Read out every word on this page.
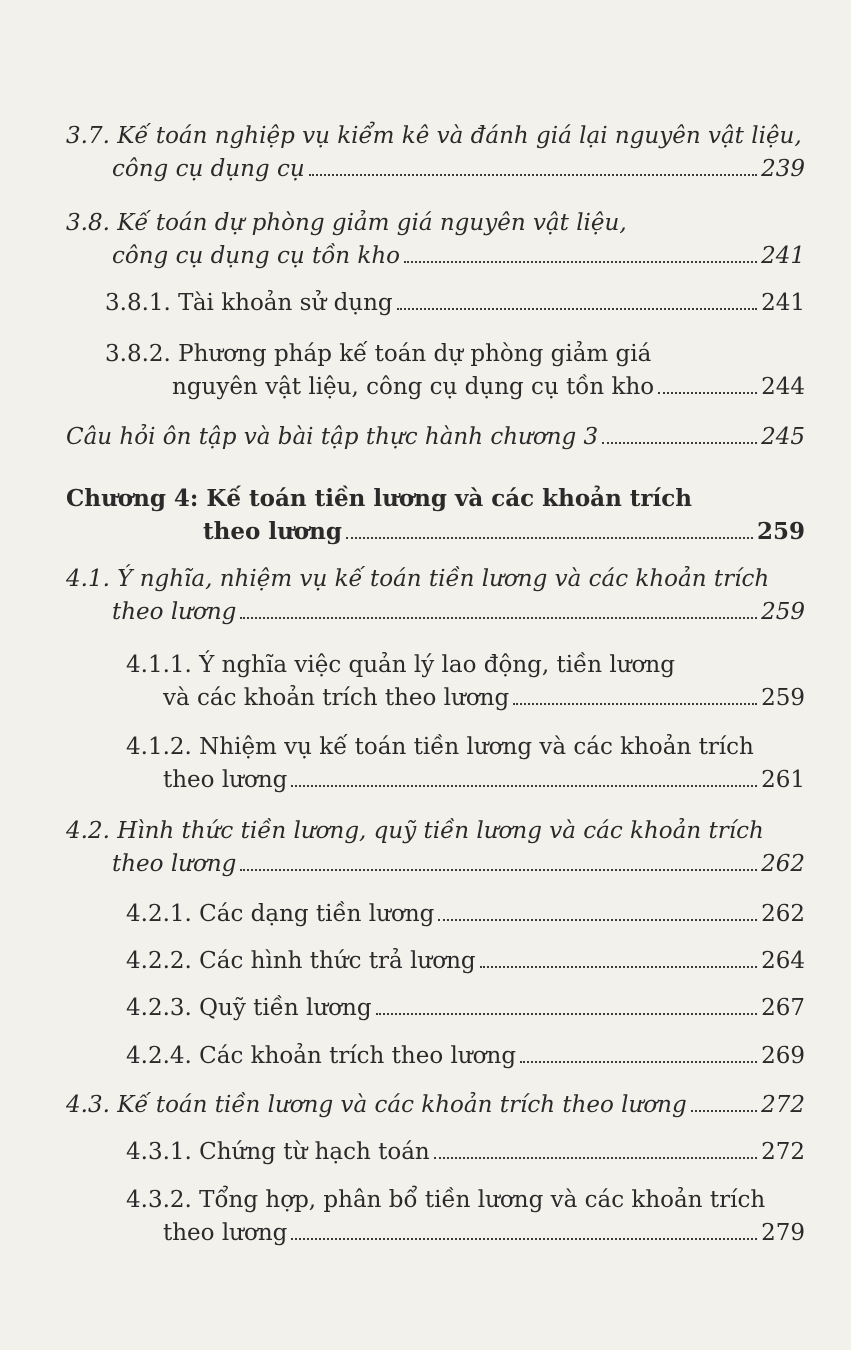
3.7. Kế toán nghiệp vụ kiểm kê và đánh giá lại nguyên vật liệu,
công cụ dụng cụ	239
3.8. Kế toán dự phòng giảm giá nguyên vật liệu,
công cụ dụng cụ tồn kho	241
3.8.1. Tài khoản sử dụng	241
3.8.2. Phương pháp kế toán dự phòng giảm giá
nguyên vật liệu, công cụ dụng cụ tồn kho	244
Câu hỏi ôn tập và bài tập thực hành chương 3	245
Chương 4: Kế toán tiền lương và các khoản trích
theo lương	259
4.1. Ý nghĩa, nhiệm vụ kế toán tiền lương và các khoản trích
theo lương	259
4.1.1. Ý nghĩa việc quản lý lao động, tiền lương
và các khoản trích theo lương	259
4.1.2. Nhiệm vụ kế toán tiền lương và các khoản trích
theo lương	261
4.2. Hình thức tiền lương, quỹ tiền lương và các khoản trích
theo lương	262
4.2.1. Các dạng tiền lương	262
4.2.2. Các hình thức trả lương	264
4.2.3. Quỹ tiền lương	267
4.2.4. Các khoản trích theo lương	269
4.3. Kế toán tiền lương và các khoản trích theo lương	272
4.3.1. Chứng từ hạch toán	272
4.3.2. Tổng hợp, phân bổ tiền lương và các khoản trích
theo lương	279
